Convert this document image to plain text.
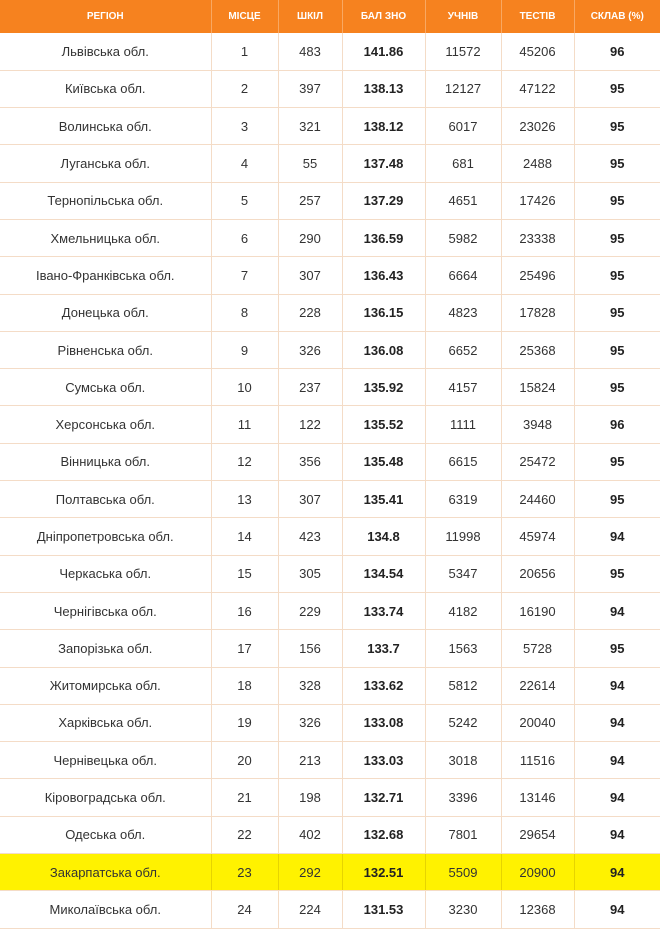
РЕГІОН	МІСЦЕ	ШКІЛ	БАЛ ЗНО	УЧНІВ	ТЕСТІВ	СКЛАВ (%)
Львівська обл.	1	483	141.86	11572	45206	96
Київська обл.	2	397	138.13	12127	47122	95
Волинська обл.	3	321	138.12	6017	23026	95
Луганська обл.	4	55	137.48	681	2488	95
Тернопільська обл.	5	257	137.29	4651	17426	95
Хмельницька обл.	6	290	136.59	5982	23338	95
Івано-Франківська обл.	7	307	136.43	6664	25496	95
Донецька обл.	8	228	136.15	4823	17828	95
Рівненська обл.	9	326	136.08	6652	25368	95
Сумська обл.	10	237	135.92	4157	15824	95
Херсонська обл.	11	122	135.52	1111	3948	96
Вінницька обл.	12	356	135.48	6615	25472	95
Полтавська обл.	13	307	135.41	6319	24460	95
Дніпропетровська обл.	14	423	134.8	11998	45974	94
Черкаська обл.	15	305	134.54	5347	20656	95
Чернігівська обл.	16	229	133.74	4182	16190	94
Запорізька обл.	17	156	133.7	1563	5728	95
Житомирська обл.	18	328	133.62	5812	22614	94
Харківська обл.	19	326	133.08	5242	20040	94
Чернівецька обл.	20	213	133.03	3018	11516	94
Кіровоградська обл.	21	198	132.71	3396	13146	94
Одеська обл.	22	402	132.68	7801	29654	94
Закарпатська обл.	23	292	132.51	5509	20900	94
Миколаївська обл.	24	224	131.53	3230	12368	94
